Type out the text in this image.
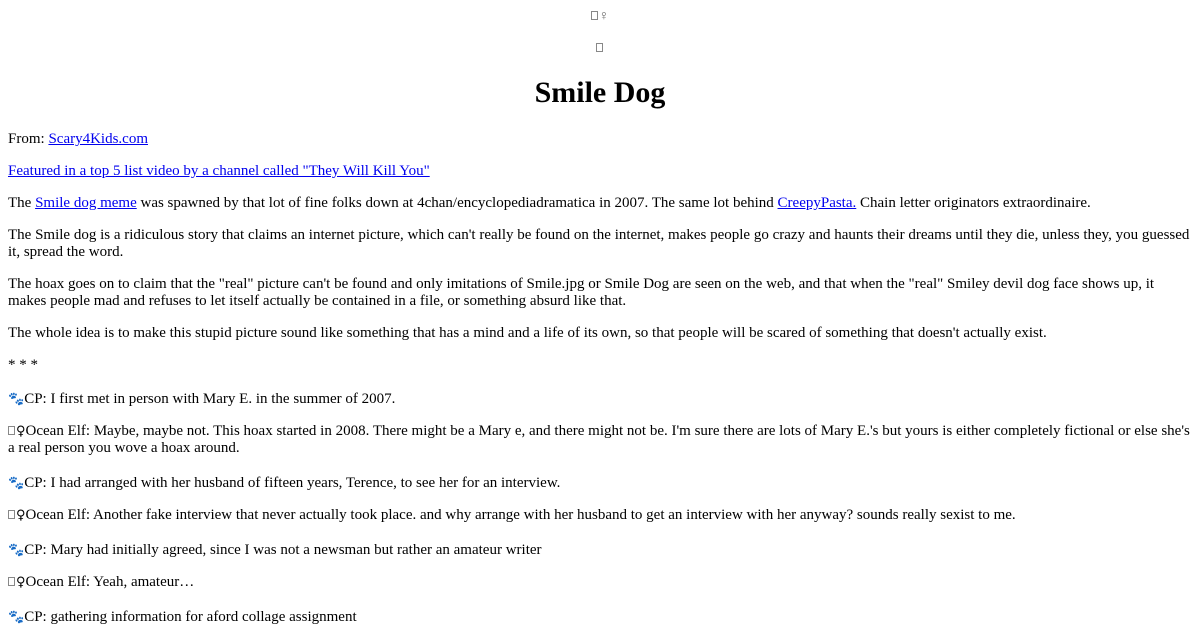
♀
Smile Dog

From: Scary4Kids.com

Featured in a top 5 list video by a channel called "They Will Kill You"

The Smile dog meme was spawned by that lot of fine folks down at 4chan/encyclopediadramatica in 2007. The same lot behind CreepyPasta. Chain letter originators extraordinaire.

The Smile dog is a ridiculous story that claims an internet picture, which can't really be found on the internet, makes people go crazy and haunts their dreams until they die, unless they, you guessed it, spread the word.

The hoax goes on to claim that the "real" picture can't be found and only imitations of Smile.jpg or Smile Dog are seen on the web, and that when the "real" Smiley devil dog face shows up, it makes people mad and refuses to let itself actually be contained in a file, or something absurd like that.

The whole idea is to make this stupid picture sound like something that has a mind and a life of its own, so that people will be scared of something that doesn't actually exist.

* * *

🐾CP: I first met in person with Mary E. in the summer of 2007.

♀Ocean Elf: Maybe, maybe not. This hoax started in 2008. There might be a Mary e, and there might not be. I'm sure there are lots of Mary E.'s but yours is either completely fictional or else she's a real person you wove a hoax around.

🐾CP: I had arranged with her husband of fifteen years, Terence, to see her for an interview.

♀Ocean Elf: Another fake interview that never actually took place. and why arrange with her husband to get an interview with her anyway? sounds really sexist to me.

🐾CP: Mary had initially agreed, since I was not a newsman but rather an amateur writer

♀Ocean Elf: Yeah, amateur…

🐾CP: gathering information for aford collage assignment
